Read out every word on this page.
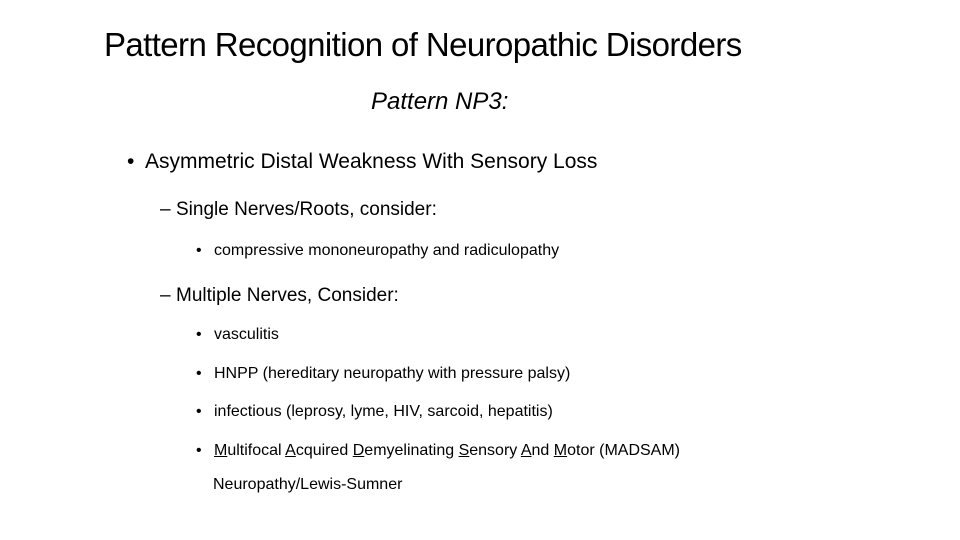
Pattern Recognition of Neuropathic Disorders
Pattern NP3:
• Asymmetric Distal Weakness With Sensory Loss
– Single Nerves/Roots, consider:
• compressive mononeuropathy and radiculopathy
– Multiple Nerves, Consider:
• vasculitis
• HNPP (hereditary neuropathy with pressure palsy)
• infectious (leprosy, lyme, HIV, sarcoid, hepatitis)
• Multifocal Acquired Demyelinating Sensory And Motor (MADSAM)
Neuropathy/Lewis-Sumner
